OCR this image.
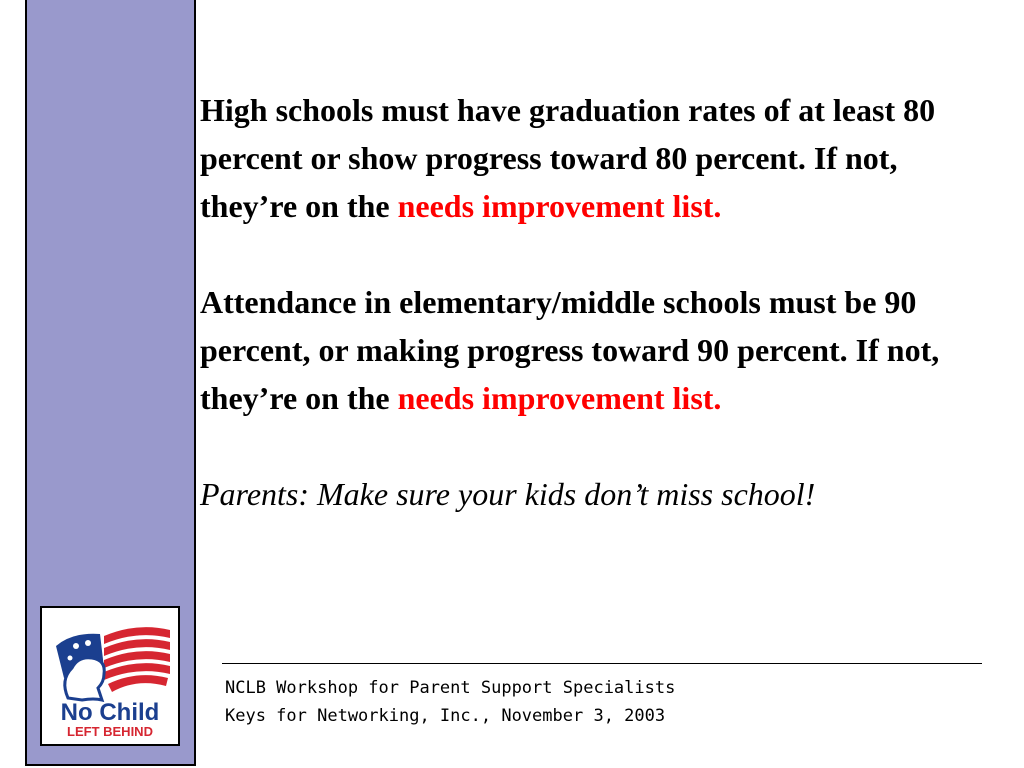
No Child
LEFT BEHIND

High schools must have graduation rates of at least 80 percent or show progress toward 80 percent. If not, they’re on the needs improvement list.

Attendance in elementary/middle schools must be 90 percent, or making progress toward 90 percent. If not, they’re on the needs improvement list.

Parents: Make sure your kids don’t miss school!

NCLB Workshop for Parent Support Specialists
Keys for Networking, Inc., November 3, 2003
